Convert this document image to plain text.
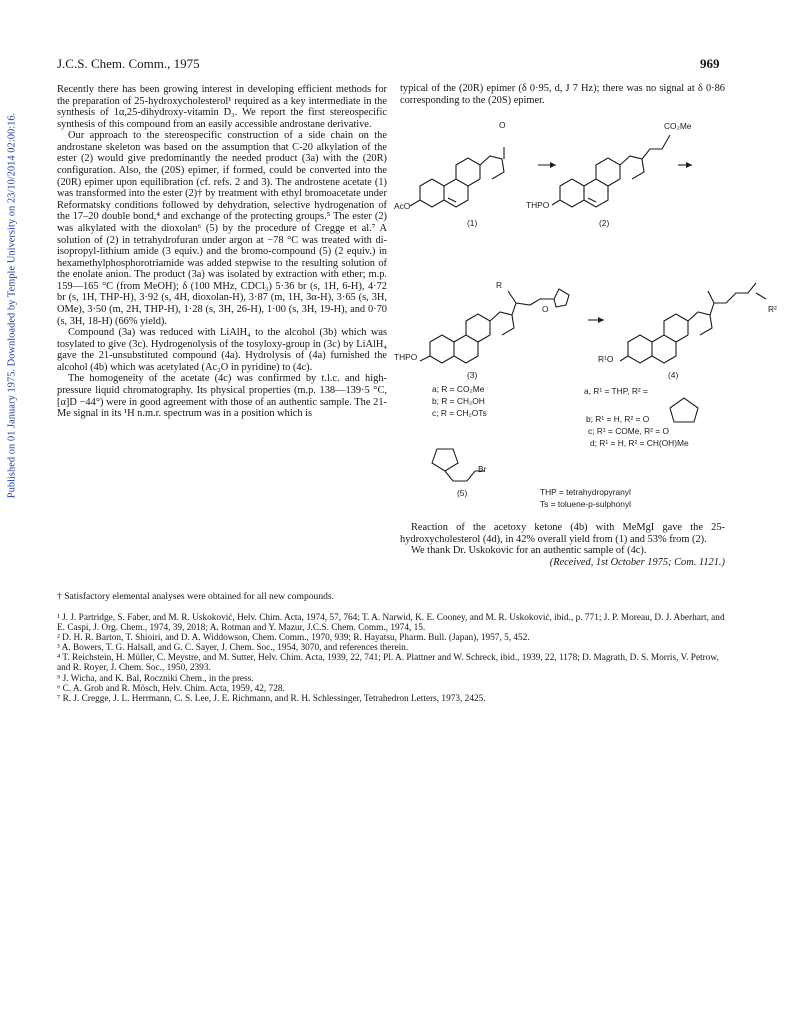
Published on 01 January 1975. Downloaded by Temple University on 23/10/2014 02:00:16.
J.C.S. Chem. Comm., 1975	969

Recently there has been growing interest in developing efficient methods for the preparation of 25-hydroxycholesterol¹ required as a key intermediate in the synthesis of 1α,25-dihydroxy-vitamin D₃. We report the first stereospecific synthesis of this compound from an easily accessible androstane derivative.

Our approach to the stereospecific construction of a side chain on the androstane skeleton was based on the assumption that C-20 alkylation of the ester (2) would give predominantly the needed product (3a) with the (20R) configuration. Also, the (20S) epimer, if formed, could be converted into the (20R) epimer upon equilibration (cf. refs. 2 and 3). The androstene acetate (1) was transformed into the ester (2)† by treatment with ethyl bromoacetate under Reformatsky conditions followed by dehydration, selective hydrogenation of the 17–20 double bond,⁴ and exchange of the protecting groups.⁵ The ester (2) was alkylated with the dioxolan⁶ (5) by the procedure of Cregge et al.⁷ A solution of (2) in tetrahydrofuran under argon at −78 °C was treated with di-isopropyl-lithium amide (3 equiv.) and the bromo-compound (5) (2 equiv.) in hexamethylphosphorotriamide was added stepwise to the resulting solution of the enolate anion. The product (3a) was isolated by extraction with ether; m.p. 159—165 °C (from MeOH); δ (100 MHz, CDCl₃) 5·36 br (s, 1H, 6-H), 4·72 br (s, 1H, THP-H), 3·92 (s, 4H, dioxolan-H), 3·87 (m, 1H, 3α-H), 3·65 (s, 3H, OMe), 3·50 (m, 2H, THP-H), 1·28 (s, 3H, 26-H), 1·00 (s, 3H, 19-H), and 0·70 (s, 3H, 18-H) (66% yield).

Compound (3a) was reduced with LiAlH₄ to the alcohol (3b) which was tosylated to give (3c). Hydrogenolysis of the tosyloxy-group in (3c) by LiAlH₄ gave the 21-unsubstituted compound (4a). Hydrolysis of (4a) furnished the alcohol (4b) which was acetylated (Ac₂O in pyridine) to (4c).

The homogeneity of the acetate (4c) was confirmed by t.l.c. and high-pressure liquid chromatography. Its physical properties (m.p. 138—139·5 °C, [α]D −44°) were in good agreement with those of an authentic sample. The 21-Me signal in its ¹H n.m.r. spectrum was in a position which is

typical of the (20R) epimer (δ 0·95, d, J 7 Hz); there was no signal at δ 0·86 corresponding to the (20S) epimer.

O
AcO
CO₂Me
THPO
(1)	(2)
R
O
THPO
R²
R¹O
(3)	(4)
a; R = CO₂Me
b; R = CH₂OH
c; R = CH₂OTs
a, R¹ = THP, R² =
b; R¹ = H, R² = O
c; R¹ = COMe, R² = O
d; R¹ = H, R² = CH(OH)Me
Br
(5)	THP = tetrahydropyranyl
Ts = toluene-p-sulphonyl

Reaction of the acetoxy ketone (4b) with MeMgI gave the 25-hydroxycholesterol (4d), in 42% overall yield from (1) and 53% from (2).

We thank Dr. Uskokovic for an authentic sample of (4c).

(Received, 1st October 1975; Com. 1121.)

† Satisfactory elemental analyses were obtained for all new compounds.

¹ J. J. Partridge, S. Faber, and M. R. Uskoković, Helv. Chim. Acta, 1974, 57, 764; T. A. Narwid, K. E. Cooney, and M. R. Uskoković, ibid., p. 771; J. P. Moreau, D. J. Aberhart, and E. Caspi, J. Org. Chem., 1974, 39, 2018; A. Rotman and Y. Mazur, J.C.S. Chem. Comm., 1974, 15.

² D. H. R. Barton, T. Shioiri, and D. A. Widdowson, Chem. Comm., 1970, 939; R. Hayatsu, Pharm. Bull. (Japan), 1957, 5, 452.

³ A. Bowers, T. G. Halsall, and G. C. Sayer, J. Chem. Soc., 1954, 3070, and references therein.

⁴ T. Reichstein, H. Müller, C. Meystre, and M. Sutter, Helv. Chim. Acta, 1939, 22, 741; Pl. A. Plattner and W. Schreck, ibid., 1939, 22, 1178; D. Magrath, D. S. Morris, V. Petrow, and R. Royer, J. Chem. Soc., 1950, 2393.

⁵ J. Wicha, and K. Bal, Roczniki Chem., in the press.

⁶ C. A. Grob and R. Mösch, Helv. Chim. Acta, 1959, 42, 728.

⁷ R. J. Cregge, J. L. Herrmann, C. S. Lee, J. E. Richmann, and R. H. Schlessinger, Tetrahedron Letters, 1973, 2425.
